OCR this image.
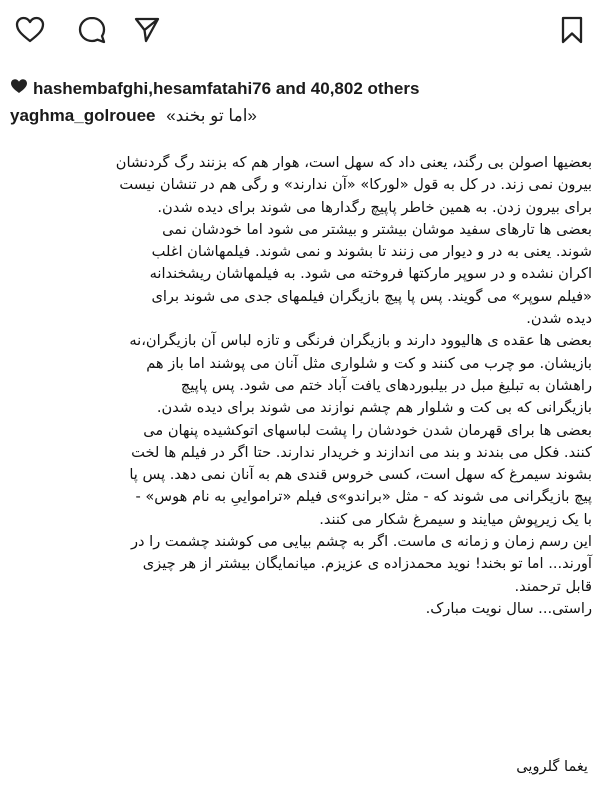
hashembafghi , hesamfatahi76 and 40,802 others
yaghma_golrouee «اما تو بخند»
بعضیها اصولن بی رگند، یعنی داد که سهل است، هوار هم که بزنند رگ گردنشان
بیرون نمی زند. در کل به قول «لورکا» «آن ندارند» و رگی هم در تنشان نیست
برای بیرون زدن. به همین خاطر پاپیچ رگدارها می شوند برای دیده شدن.
بعضی ها تارهای سفید موشان بیشتر و بیشتر می شود اما خودشان نمی
شوند. یعنی به در و دیوار می زنند تا بشوند و نمی شوند. فیلمهاشان اغلب
اکران نشده و در سوپر مارکتها فروخته می شود. به فیلمهاشان ریشخندانه
«فیلم سوپر» می گویند. پس پا پیچ بازیگران فیلمهای جدی می شوند برای
دیده شدن.
بعضی ها عقده ی هالیوود دارند و بازیگران فرنگی و تازه لباس آن بازیگران،نه
بازیشان. مو چرب می کنند و کت و شلواری مثل آنان می پوشند اما باز هم
راهشان به تبلیغ مبل در بیلبوردهای یافت آباد ختم می شود. پس پاپیچ
بازیگرانی که بی کت و شلوار هم چشم نوازند می شوند برای دیده شدن.
بعضی ها برای قهرمان شدن خودشان را پشت لباسهای اتوکشیده پنهان می
کنند. فکل می بندند و بند می اندازند و خریدار ندارند. حتا اگر در فیلم ها لخت
بشوند سیمرغ که سهل است، کسی خروس قندی هم به آنان نمی دهد. پس پا
پیچ بازیگرانی می شوند که - مثل «براندو»ی فیلم «ترامواییِ به نام هوس» -
با یک زیرپوش میایند و سیمرغ شکار می کنند.
این رسم زمان و زمانه ی ماست. اگر به چشم بیایی می کوشند چشمت را در
آورند... اما تو بخند! نوید محمدزاده ی عزیزم. میانمایگان بیشتر از هر چیزی
قابل ترحمند.
راستی... سال نویت مبارک.
یغما گلرویی
